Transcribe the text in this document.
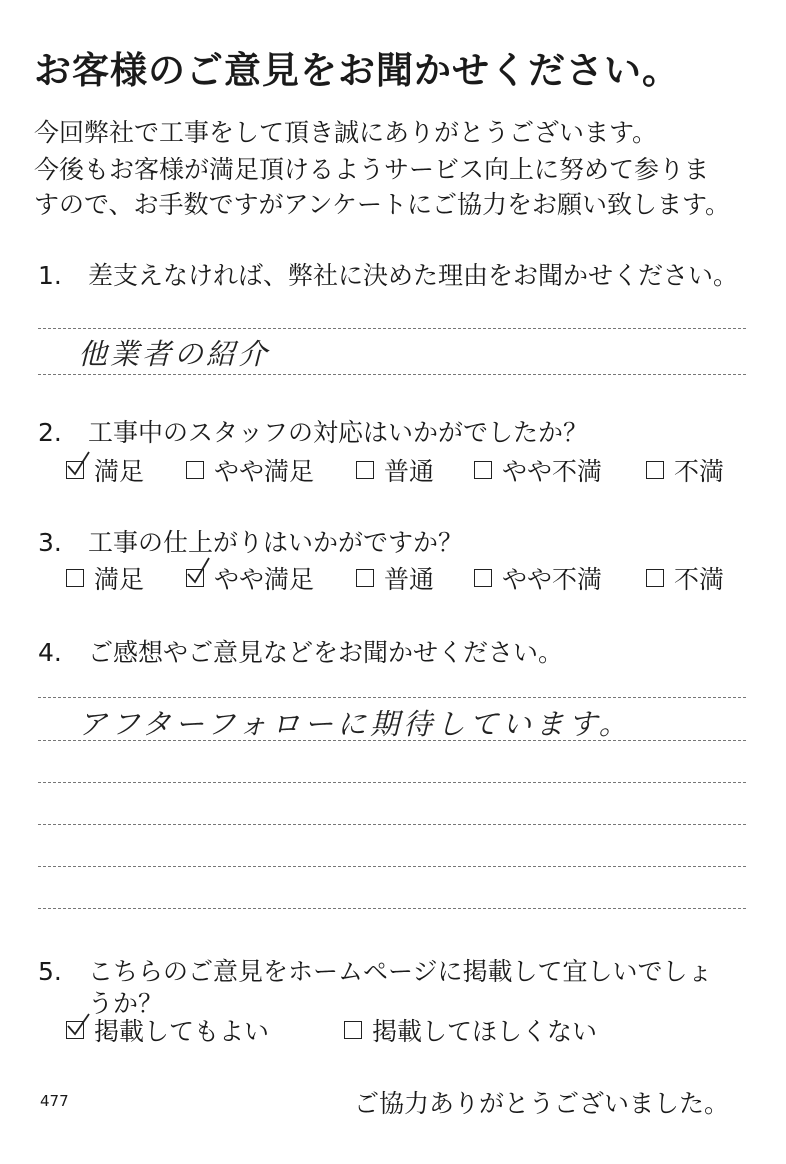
お客様のご意見をお聞かせください。
今回弊社で工事をして頂き誠にありがとうございます。
今後もお客様が満足頂けるようサービス向上に努めて参りま
すので、お手数ですがアンケートにご協力をお願い致します。
1. 差支えなければ、弊社に決めた理由をお聞かせください。
他業者の紹介
2. 工事中のスタッフの対応はいかがでしたか？
満足	やや満足	普通	やや不満	不満
3. 工事の仕上がりはいかがですか？
満足	やや満足	普通	やや不満	不満
4. ご感想やご意見などをお聞かせください。
アフターフォローに期待しています。
5. こちらのご意見をホームページに掲載して宜しいでしょ
うか？
掲載してもよい	掲載してほしくない
477	ご協力ありがとうございました。
